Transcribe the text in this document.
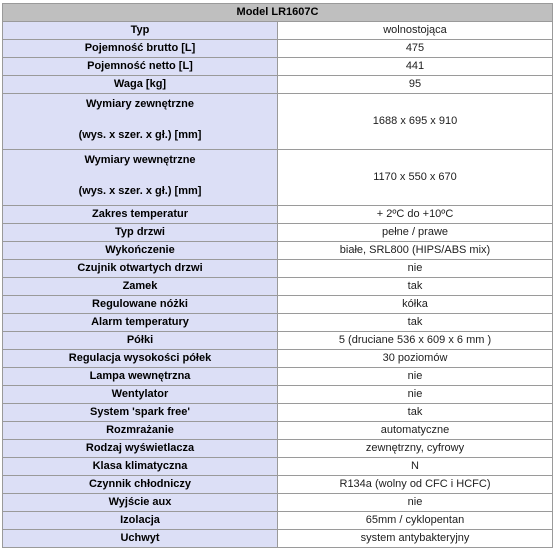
Model LR1607C	
Typ	wolnostojąca
Pojemność brutto [L]	475
Pojemność netto [L]	441
Waga [kg]	95

Wymiary zewnętrzne
(wys. x szer. x gł.) [mm]	1688 x 695 x 910

Wymiary wewnętrzne
(wys. x szer. x gł.) [mm]	1170 x 550 x 670
Zakres temperatur	+ 2ºC do +10ºC
Typ drzwi	pełne / prawe
Wykończenie	białe, SRL800 (HIPS/ABS mix)
Czujnik otwartych drzwi	nie
Zamek	tak
Regulowane nóżki	kółka
Alarm temperatury	tak
Półki	5 (druciane 536 x 609 x 6 mm )
Regulacja wysokości półek	30 poziomów
Lampa wewnętrzna	nie
Wentylator	nie
System 'spark free'	tak
Rozmrażanie	automatyczne
Rodzaj wyświetlacza	zewnętrzny, cyfrowy
Klasa klimatyczna	N
Czynnik chłodniczy	R134a (wolny od CFC i HCFC)
Wyjście aux	nie
Izolacja	65mm / cyklopentan
Uchwyt	system antybakteryjny
